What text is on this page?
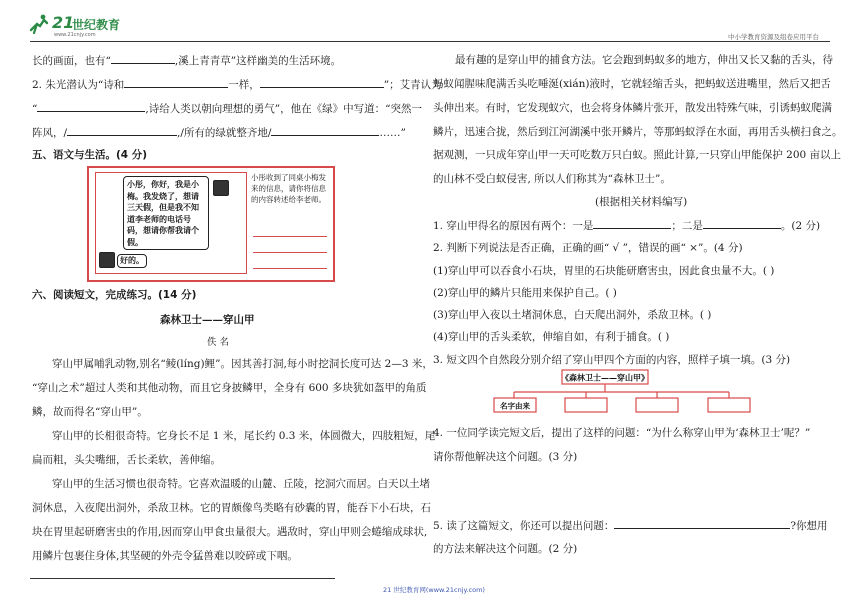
21
世纪教育
www.21cnjy.com	中小学教育资源及组卷应用平台
长的画面，也有“	,溪上青青草”这样幽美的生活环境。
2. 朱光潜认为“诗和	一样，	”；艾青认为
“	,诗给人类以朝向理想的勇气”，他在《绿》中写道：“突然一
阵风，/	,/所有的绿就整齐地/	……”
五、语文与生活。(4 分)
小彤，你好，我是小梅。我发烧了，想请三天假，但是我不知道李老师的电话号码，想请你帮我请个假。
好的。
小彤收到了同桌小梅发来的信息，请你将信息的内容转述给李老师。
六、阅读短文，完成练习。(14 分)
森林卫士——穿山甲
佚 名
穿山甲属哺乳动物,别名“鲮(líng)鲤”。因其善打洞,每小时挖洞长度可达 2—3 米，
“穿山之术”超过人类和其他动物，而且它身披鳞甲，全身有 600 多块犹如盔甲的角质
鳞，故而得名“穿山甲”。
穿山甲的长相很奇特。它身长不足 1 米，尾长约 0.3 米，体圆微大，四肢粗短，尾
扁而粗，头尖嘴细，舌长柔软，善伸缩。
穿山甲的生活习惯也很奇特。它喜欢温暖的山麓、丘陵，挖洞穴而居。白天以土堵
洞休息，入夜爬出洞外，杀敌卫林。它的胃颇像鸟类略有砂囊的胃，能吞下小石块，石
块在胃里起研磨害虫的作用,因而穿山甲食虫量很大。遇敌时，穿山甲则会蜷缩成球状,
用鳞片包裹住身体,其坚硬的外壳令猛兽难以咬碎或下咽。
最有趣的是穿山甲的捕食方法。它会跑到蚂蚁多的地方，伸出又长又黏的舌头，待
蚂蚁闻腥味爬满舌头吃唾涎(xián)液时，它就轻缩舌头，把蚂蚁送进嘴里，然后又把舌
头伸出来。有时，它发现蚁穴，也会将身体鳞片张开，散发出特殊气味，引诱蚂蚁爬满
鳞片，迅速合拢，然后到江河湖溪中张开鳞片，等那蚂蚁浮在水面，再用舌头横扫食之。
据观测，一只成年穿山甲一天可吃数万只白蚁。照此计算,一只穿山甲能保护 200 亩以上
的山林不受白蚁侵害, 所以人们称其为“森林卫士”。
(根据相关材料编写)
1. 穿山甲得名的原因有两个：一是	；二是	。(2 分)
2. 判断下列说法是否正确，正确的画“ √ ”，错误的画“ ×”。(4 分)
(1)穿山甲可以吞食小石块，胃里的石块能研磨害虫，因此食虫量不大。( )
(2)穿山甲的鳞片只能用来保护自己。( )
(3)穿山甲入夜以土堵洞休息，白天爬出洞外，杀敌卫林。( )
(4)穿山甲的舌头柔软，伸缩自如，有利于捕食。( )
3. 短文四个自然段分别介绍了穿山甲四个方面的内容，照样子填一填。(3 分)
《森林卫士——穿山甲》
名字由来
4. 一位同学读完短文后，提出了这样的问题：“为什么称穿山甲为‘森林卫士’呢？”
请你帮他解决这个问题。(3 分)
5. 读了这篇短文，你还可以提出问题：	?你想用
的方法来解决这个问题。(2 分)
21 世纪教育网(www.21cnjy.com)
